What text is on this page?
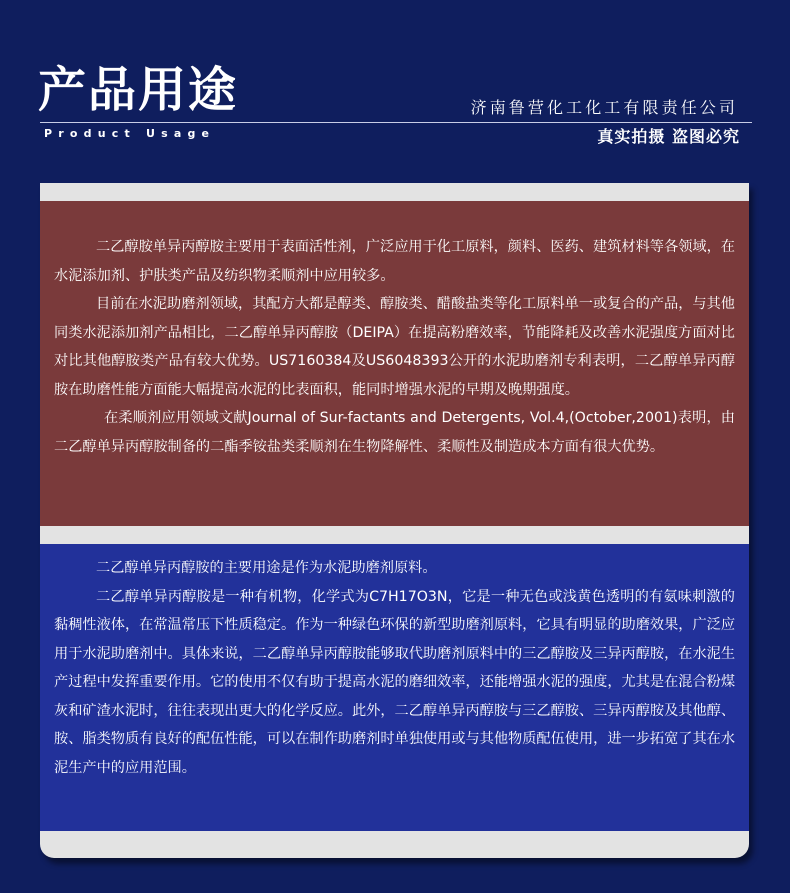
产品用途
Product Usage
济南鲁营化工化工有限责任公司
真实拍摄 盗图必究

二乙醇胺单异丙醇胺主要用于表面活性剂，广泛应用于化工原料，颜料、医药、建筑材料等各领域，在水泥添加剂、护肤类产品及纺织物柔顺剂中应用较多。

目前在水泥助磨剂领域，其配方大都是醇类、醇胺类、醋酸盐类等化工原料单一或复合的产品，与其他同类水泥添加剂产品相比，二乙醇单异丙醇胺（DEIPA）在提高粉磨效率，节能降耗及改善水泥强度方面对比对比其他醇胺类产品有较大优势。US7160384及US6048393公开的水泥助磨剂专利表明，二乙醇单异丙醇胺在助磨性能方面能大幅提高水泥的比表面积，能同时增强水泥的早期及晚期强度。

在柔顺剂应用领域文献Journal of Sur-factants and Detergents, Vol.4,(October,2001)表明，由二乙醇单异丙醇胺制备的二酯季铵盐类柔顺剂在生物降解性、柔顺性及制造成本方面有很大优势。

二乙醇单异丙醇胺的主要用途是作为水泥助磨剂原料。

二乙醇单异丙醇胺是一种有机物，化学式为C7H17O3N，它是一种无色或浅黄色透明的有氨味刺激的黏稠性液体，在常温常压下性质稳定。作为一种绿色环保的新型助磨剂原料，它具有明显的助磨效果，广泛应用于水泥助磨剂中。具体来说，二乙醇单异丙醇胺能够取代助磨剂原料中的三乙醇胺及三异丙醇胺，在水泥生产过程中发挥重要作用。它的使用不仅有助于提高水泥的磨细效率，还能增强水泥的强度，尤其是在混合粉煤灰和矿渣水泥时，往往表现出更大的化学反应。此外，二乙醇单异丙醇胺与三乙醇胺、三异丙醇胺及其他醇、胺、脂类物质有良好的配伍性能，可以在制作助磨剂时单独使用或与其他物质配伍使用，进一步拓宽了其在水泥生产中的应用范围。
